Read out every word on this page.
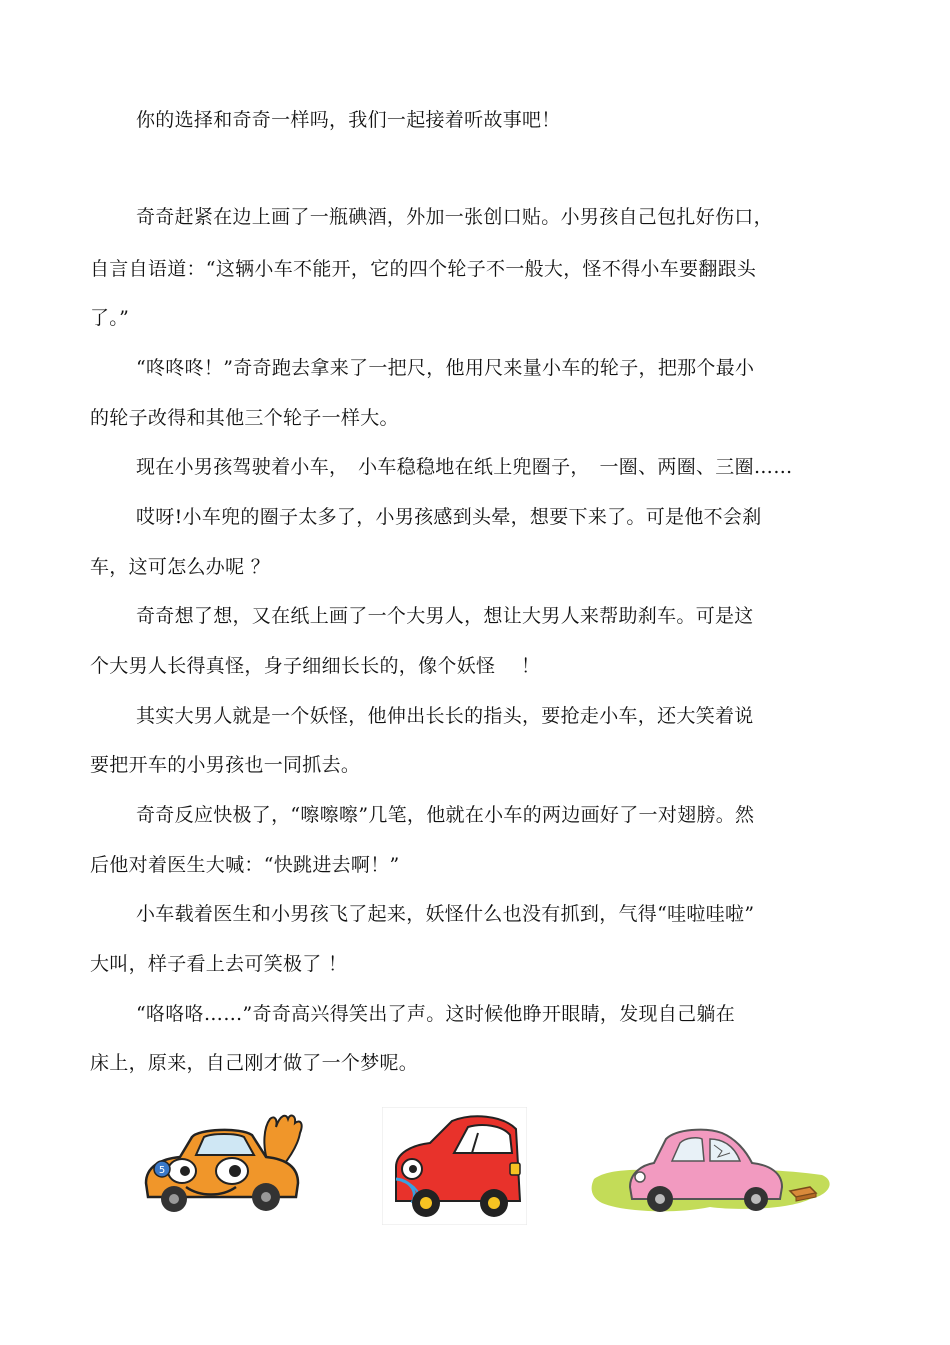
你的选择和奇奇一样吗，我们一起接着听故事吧！
奇奇赶紧在边上画了一瓶碘酒，外加一张创口贴。小男孩自己包扎好伤口，
自言自语道：“这辆小车不能开，它的四个轮子不一般大，怪不得小车要翻跟头
了。”
“咚咚咚！”奇奇跑去拿来了一把尺，他用尺来量小车的轮子，把那个最小
的轮子改得和其他三个轮子一样大。
现在小男孩驾驶着小车，　小车稳稳地在纸上兜圈子，　一圈、两圈、三圈……
哎呀!小车兜的圈子太多了，小男孩感到头晕，想要下来了。可是他不会刹
车，这可怎么办呢 ？
奇奇想了想，又在纸上画了一个大男人，想让大男人来帮助刹车。可是这
个大男人长得真怪，身子细细长长的，像个妖怪　 ！
其实大男人就是一个妖怪，他伸出长长的指头，要抢走小车，还大笑着说
要把开车的小男孩也一同抓去。
奇奇反应快极了，“嚓嚓嚓”几笔，他就在小车的两边画好了一对翅膀。然
后他对着医生大喊：“快跳进去啊！”
小车载着医生和小男孩飞了起来，妖怪什么也没有抓到，气得“哇啦哇啦”
大叫，样子看上去可笑极了 ！
“咯咯咯……”奇奇高兴得笑出了声。这时候他睁开眼睛，发现自己躺在
床上，原来，自己刚才做了一个梦呢。
5
